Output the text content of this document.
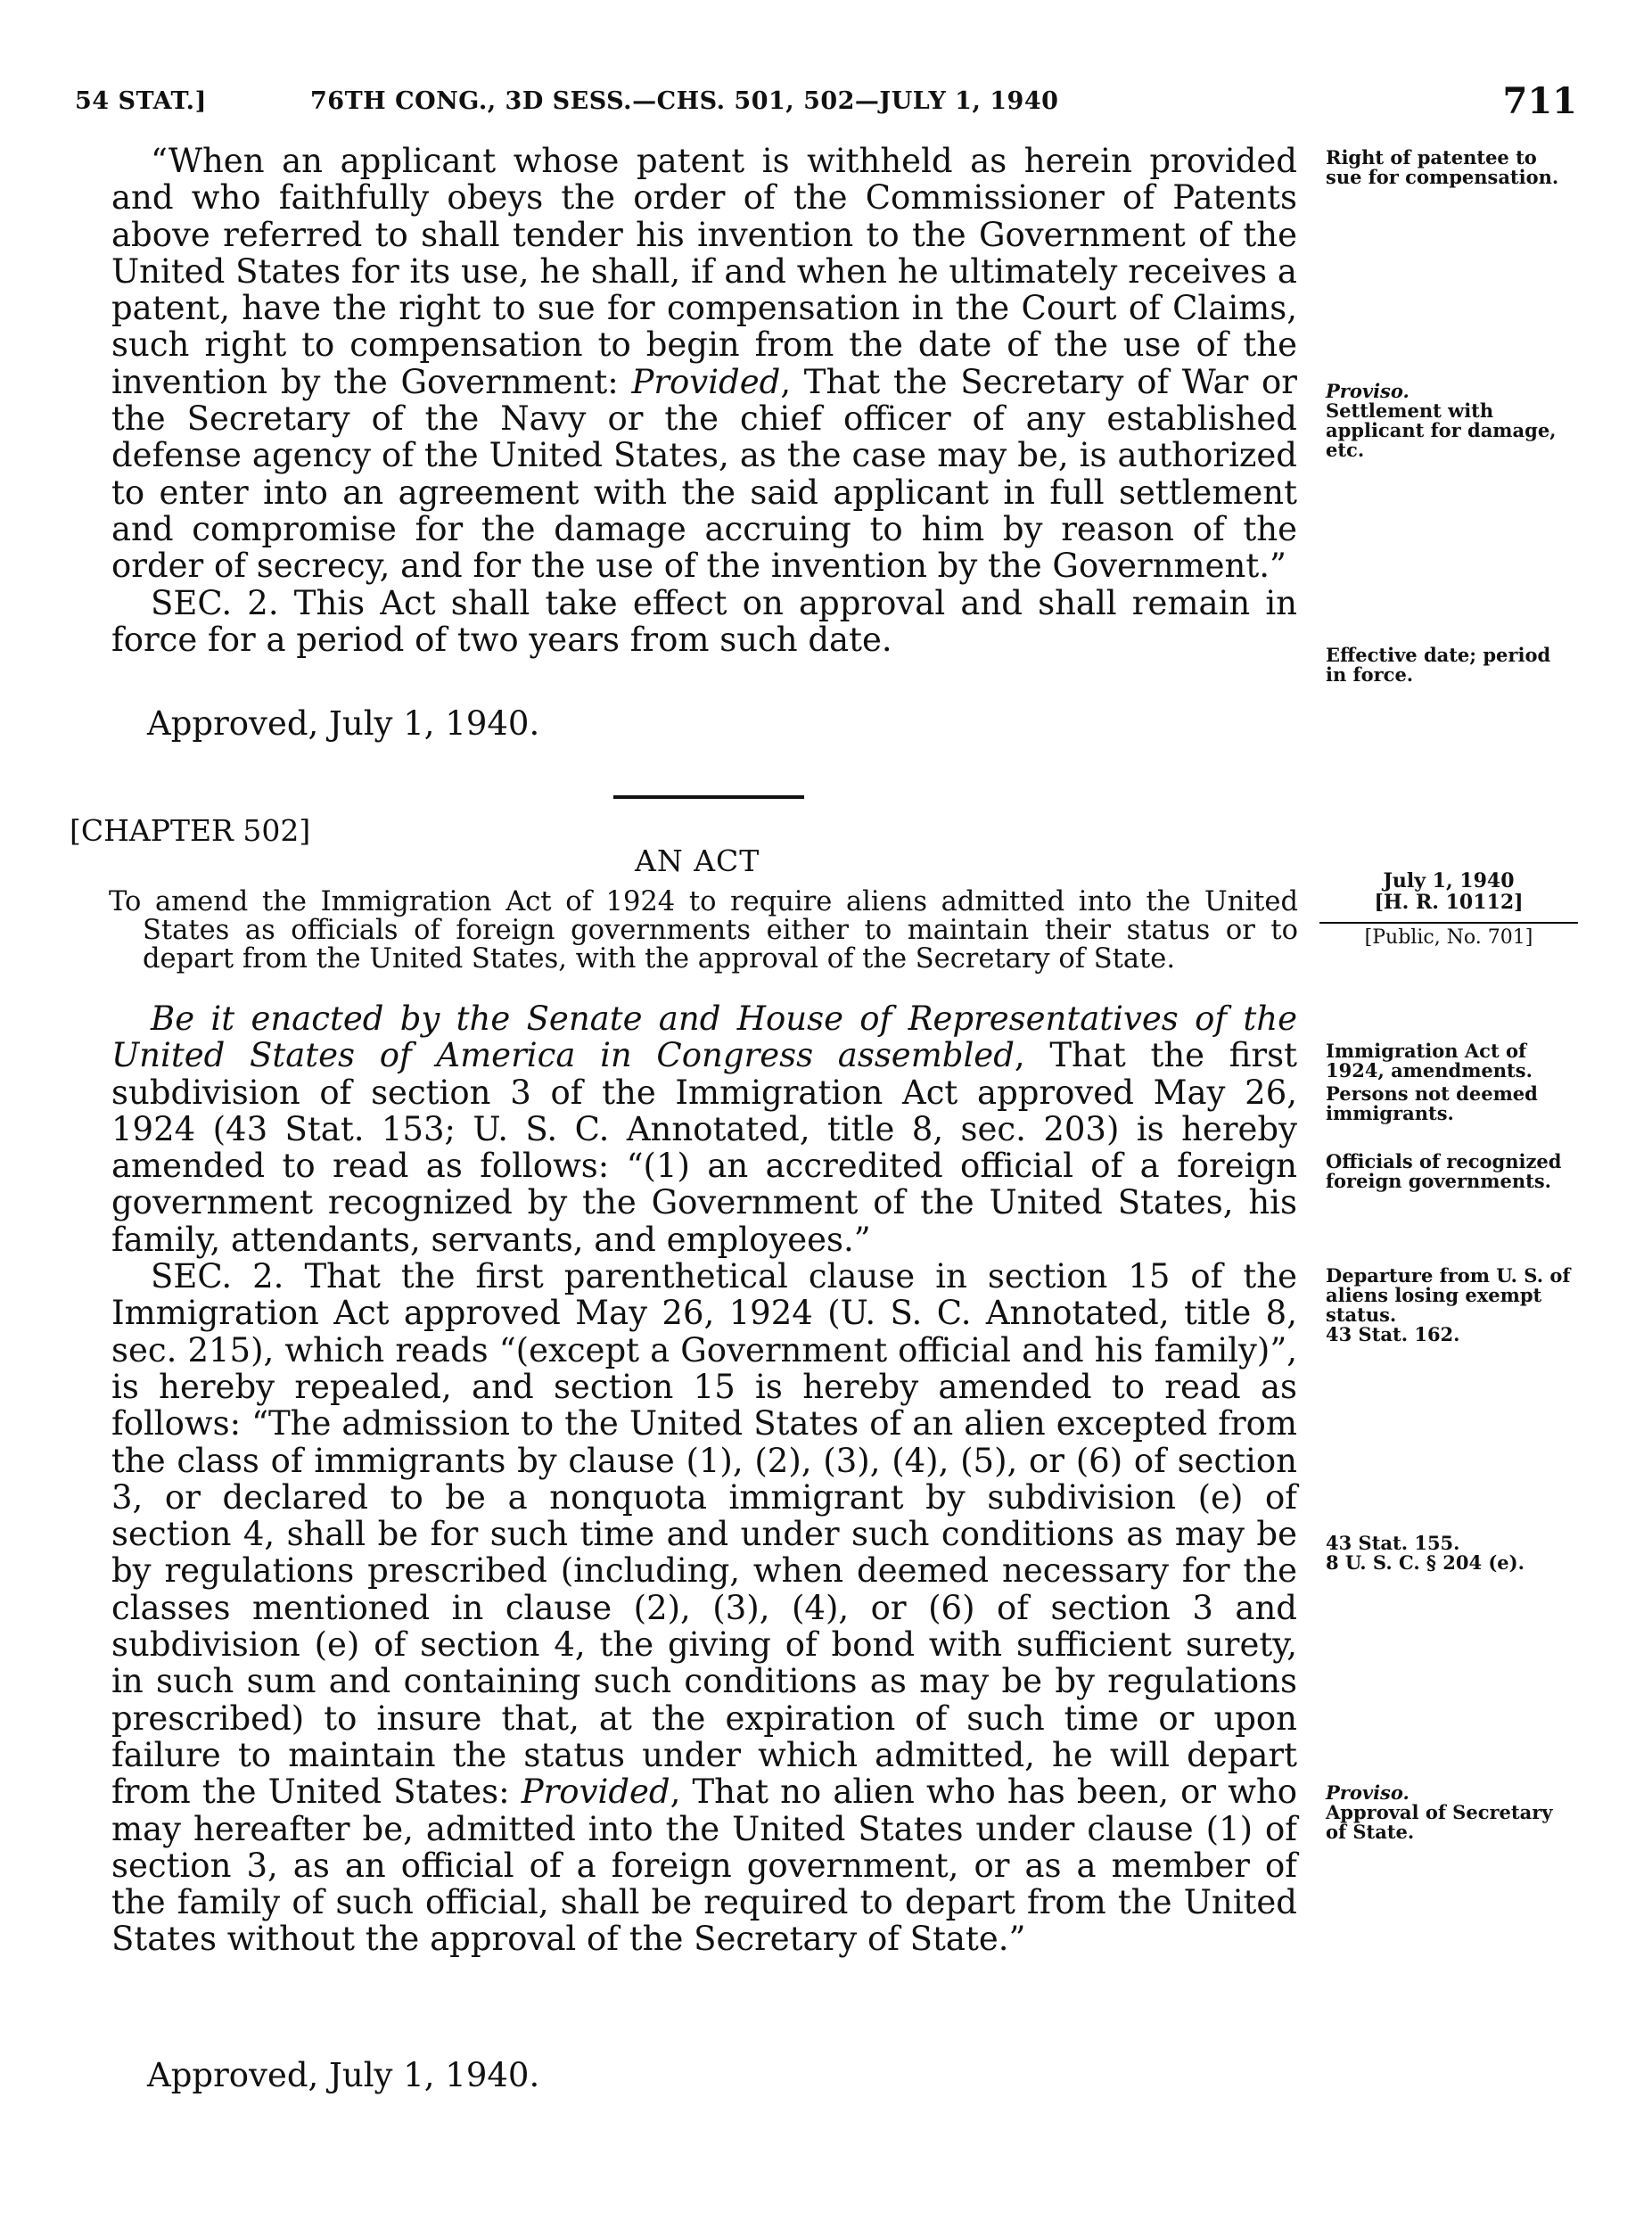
54 STAT.]	76TH CONG., 3D SESS.—CHS. 501, 502—JULY 1, 1940	711

“When an applicant whose patent is withheld as herein provided and who faithfully obeys the order of the Commissioner of Patents above referred to shall tender his invention to the Government of the United States for its use, he shall, if and when he ultimately receives a patent, have the right to sue for compensation in the Court of Claims, such right to compensation to begin from the date of the use of the invention by the Government: Provided, That the Secretary of War or the Secretary of the Navy or the chief officer of any established defense agency of the United States, as the case may be, is authorized to enter into an agreement with the said applicant in full settlement and compromise for the damage accruing to him by reason of the order of secrecy, and for the use of the invention by the Government.”

SEC. 2. This Act shall take effect on approval and shall remain in force for a period of two years from such date.

Approved, July 1, 1940.
[CHAPTER 502]
AN ACT
To amend the Immigration Act of 1924 to require aliens admitted into the United
States as officials of foreign governments either to maintain their status or to
depart from the United States, with the approval of the Secretary of State.

Be it enacted by the Senate and House of Representatives of the United States of America in Congress assembled, That the first subdivision of section 3 of the Immigration Act approved May 26, 1924 (43 Stat. 153; U. S. C. Annotated, title 8, sec. 203) is hereby amended to read as follows: “(1) an accredited official of a foreign government recognized by the Government of the United States, his family, attendants, servants, and employees.”

SEC. 2. That the first parenthetical clause in section 15 of the Immigration Act approved May 26, 1924 (U. S. C. Annotated, title 8, sec. 215), which reads “(except a Government official and his family)”, is hereby repealed, and section 15 is hereby amended to read as follows: “The admission to the United States of an alien excepted from the class of immigrants by clause (1), (2), (3), (4), (5), or (6) of section 3, or declared to be a nonquota immigrant by subdivision (e) of section 4, shall be for such time and under such conditions as may be by regulations prescribed (including, when deemed necessary for the classes mentioned in clause (2), (3), (4), or (6) of section 3 and subdivision (e) of section 4, the giving of bond with sufficient surety, in such sum and containing such conditions as may be by regulations prescribed) to insure that, at the expiration of such time or upon failure to maintain the status under which admitted, he will depart from the United States: Provided, That no alien who has been, or who may hereafter be, admitted into the United States under clause (1) of section 3, as an official of a foreign government, or as a member of the family of such official, shall be required to depart from the United States without the approval of the Secretary of State.”

Approved, July 1, 1940.
Right of patentee to sue for compensation.
Proviso.
Settlement with applicant for damage, etc.
Effective date; period in force.
July 1, 1940
[H. R. 10112]
[Public, No. 701]
Immigration Act of 1924, amendments.
Persons not deemed immigrants.
Officials of recognized foreign governments.
Departure from U. S. of aliens losing exempt status.
43 Stat. 162.
43 Stat. 155.
8 U. S. C. § 204 (e).
Proviso.
Approval of Secretary of State.
